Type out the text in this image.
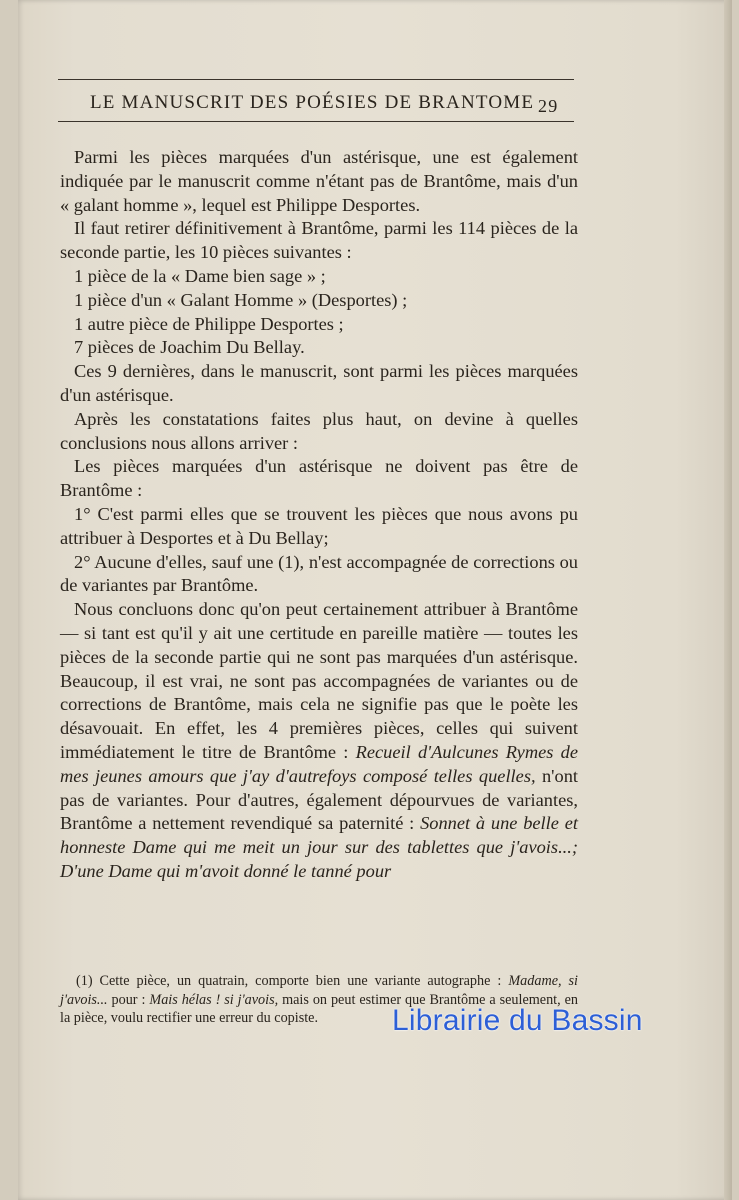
LE MANUSCRIT DES POÉSIES DE BRANTOME 29

Parmi les pièces marquées d'un astérisque, une est également indiquée par le manuscrit comme n'étant pas de Brantôme, mais d'un « galant homme », lequel est Philippe Desportes.

Il faut retirer définitivement à Brantôme, parmi les 114 pièces de la seconde partie, les 10 pièces suivantes :

1 pièce de la « Dame bien sage » ;

1 pièce d'un « Galant Homme » (Desportes) ;

1 autre pièce de Philippe Desportes ;

7 pièces de Joachim Du Bellay.

Ces 9 dernières, dans le manuscrit, sont parmi les pièces marquées d'un astérisque.

Après les constatations faites plus haut, on devine à quelles conclusions nous allons arriver :

Les pièces marquées d'un astérisque ne doivent pas être de Brantôme :

1° C'est parmi elles que se trouvent les pièces que nous avons pu attribuer à Desportes et à Du Bellay;

2° Aucune d'elles, sauf une (1), n'est accompagnée de corrections ou de variantes par Brantôme.

Nous concluons donc qu'on peut certainement attribuer à Brantôme — si tant est qu'il y ait une certitude en pareille matière — toutes les pièces de la seconde partie qui ne sont pas marquées d'un astérisque. Beaucoup, il est vrai, ne sont pas accompagnées de variantes ou de corrections de Brantôme, mais cela ne signifie pas que le poète les désavouait. En effet, les 4 premières pièces, celles qui suivent immédiatement le titre de Brantôme : Recueil d'Aulcunes Rymes de mes jeunes amours que j'ay d'autrefoys composé telles quelles, n'ont pas de variantes. Pour d'autres, également dépourvues de variantes, Brantôme a nettement revendiqué sa paternité : Sonnet à une belle et honneste Dame qui me meit un jour sur des tablettes que j'avois...; D'une Dame qui m'avoit donné le tanné pour

(1) Cette pièce, un quatrain, comporte bien une variante autographe : Madame, si j'avois... pour : Mais hélas ! si j'avois, mais on peut estimer que Brantôme a seulement, en la pièce, voulu rectifier une erreur du copiste.	Librairie du Bassin
